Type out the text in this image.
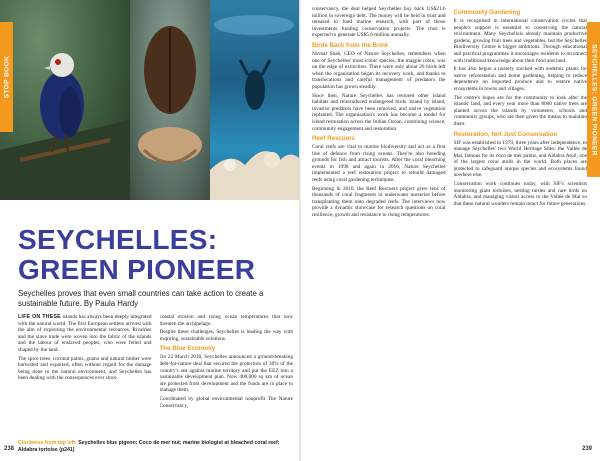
STOP BOOK
SEYCHELLES:
GREEN PIONEER
Seychelles proves that even small countries can take action to create a sustainable future. By Paula Hardy

LIFE ON THESE islands has always been deeply integrated with the natural world. The first European settlers arrived with the aim of exploiting the environmental resources. Rivalries and the slave trade were woven into the fabric of the islands and the labour of enslaved peoples, who were felled and shaped by the land.

The spice trees, coconut palms, guano and natural timber were harvested and exported, often without regard for the damage being done to the natural environment, and Seychelles has been dealing with the consequences ever since.

coastal erosion and rising ocean temperatures that now threaten the archipelago.

Despite these challenges, Seychelles is leading the way with inspiring, sustainable solutions.

The Blue Economy

On 22 March 2018, Seychelles announced a ground-breaking debt-for-nature deal that secured the protection of 30% of the country's sea against marine territory and put the EEZ into a sustainable development plan. Now 400,000 sq km of ocean are protected from development and the funds are in place to manage them.

Coordinated by global environmental nonprofit The Nature Conservancy,

Clockwise from top left: Seychelles blue pigeon; Coco de mer nut; marine biologist at bleached coral reef; Aldabra tortoise (p241)
238

conservancy, the deal helped Seychelles buy back US$21.6 million in sovereign debt. The money will be held in trust and released to fund marine research, with part of those investments funding conservation projects. The trust is expected to generate US$5.6 million annually.

Birds Back from the Brink

Nirmal Shah, CEO of Nature Seychelles, remembers when one of Seychelles' most iconic species, the magpie robin, was on the edge of extinction. There were only about 20 birds left when the organisation began its recovery work, and thanks to translocations and careful management of predators the population has grown steadily.

Since then, Nature Seychelles has restored other island habitats and reintroduced endangered birds. Island by island, invasive predators have been removed, and native vegetation replanted. The organisation's work has become a model for island restoration across the Indian Ocean, combining science, community engagement and restoration.

Reef Rescuers

Coral reefs are vital to marine biodiversity and act as a first line of defence from rising oceans. They're also breeding grounds for fish and attract tourists. After the coral bleaching events in 1998 and again in 2016, Nature Seychelles implemented a reef restoration project to rebuild damaged reefs using coral gardening techniques.

Beginning in 2010, the Reef Rescuers project grew tens of thousands of coral fragments in underwater nurseries before transplanting them onto degraded reefs. The interviews now provide a dynamic showcase for research questions on coral resilience, growth and resistance to rising temperatures.

Community Gardening

It is recognised in international conservation circles that people's support is essential to conserving the natural environment. Many Seychellois already maintain productive gardens, growing fruit trees and vegetables, but the Seychelles Biodiversity Centre is bigger ambitions. Through educational and practical programmes it encourages residents to reconnect with traditional knowledge about their food and land.

It has also begun a nursery stocked with endemic plants for native reforestation and home gardening, helping to reduce dependence on imported produce and to restore native ecosystems in towns and villages.

The centre's hopes are for the community to look after the islands' land, and every year more than 8000 native trees are planted across the islands by volunteers, schools and community groups, who are then given the means to maintain them.

Restoration, Not Just Conservation

SIF was established in 1979, three years after independence, to manage Seychelles' two World Heritage Sites: the Vallée de Mai, famous for its coco de mer palms, and Aldabra Atoll, one of the largest coral atolls in the world. Both places are protected to safeguard unique species and ecosystems found nowhere else.

Conservation work continues today, with SIF's scientists monitoring giant tortoises, nesting turtles and rare birds on Aldabra, and managing visitor access to the Vallée de Mai so that these natural wonders remain intact for future generations.

SEYCHELLES: GREEN PIONEER
239
